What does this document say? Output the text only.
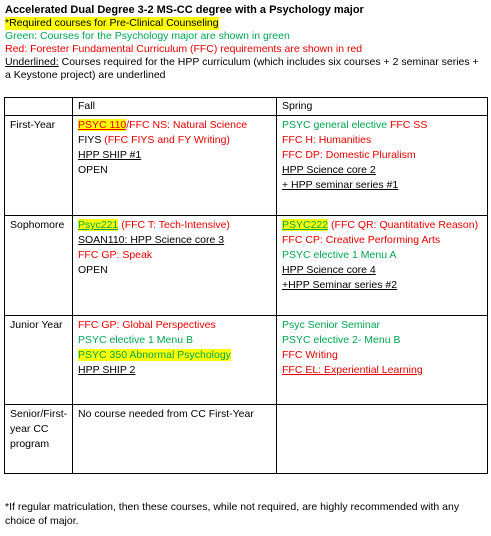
Accelerated Dual Degree 3-2 MS-CC degree with a Psychology major
*Required courses for Pre-Clinical Counseling
Green: Courses for the Psychology major are shown in green
Red: Forester Fundamental Curriculum (FFC) requirements are shown in red
Underlined: Courses required for the HPP curriculum (which includes six courses + 2 seminar series + a Keystone project) are underlined
	Fall	Spring
First-Year	PSYC 110/FFC NS: Natural Science
FIYS (FFC FIYS and FY Writing)
HPP SHIP #1
OPEN	PSYC general elective FFC SS
FFC H: Humanities
FFC DP: Domestic Pluralism
HPP Science core 2
+ HPP seminar series #1

Sophomore	Psyc221 (FFC T: Tech-Intensive)
SOAN110: HPP Science core 3
FFC GP: Speak
OPEN	PSYC222 (FFC QR: Quantitative Reason)
FFC CP: Creative Performing Arts
PSYC elective 1 Menu A
HPP Science core 4
+HPP Seminar series #2

Junior Year	FFC GP: Global Perspectives
PSYC elective 1 Menu B
PSYC 350 Abnormal Psychology
HPP SHIP 2	Psyc Senior Seminar
PSYC elective 2- Menu B
FFC Writing
FFC EL: Experiential Learning

Senior/First-year CC program	No course needed from CC First-Year	

*If regular matriculation, then these courses, while not required, are highly recommended with any choice of major.
